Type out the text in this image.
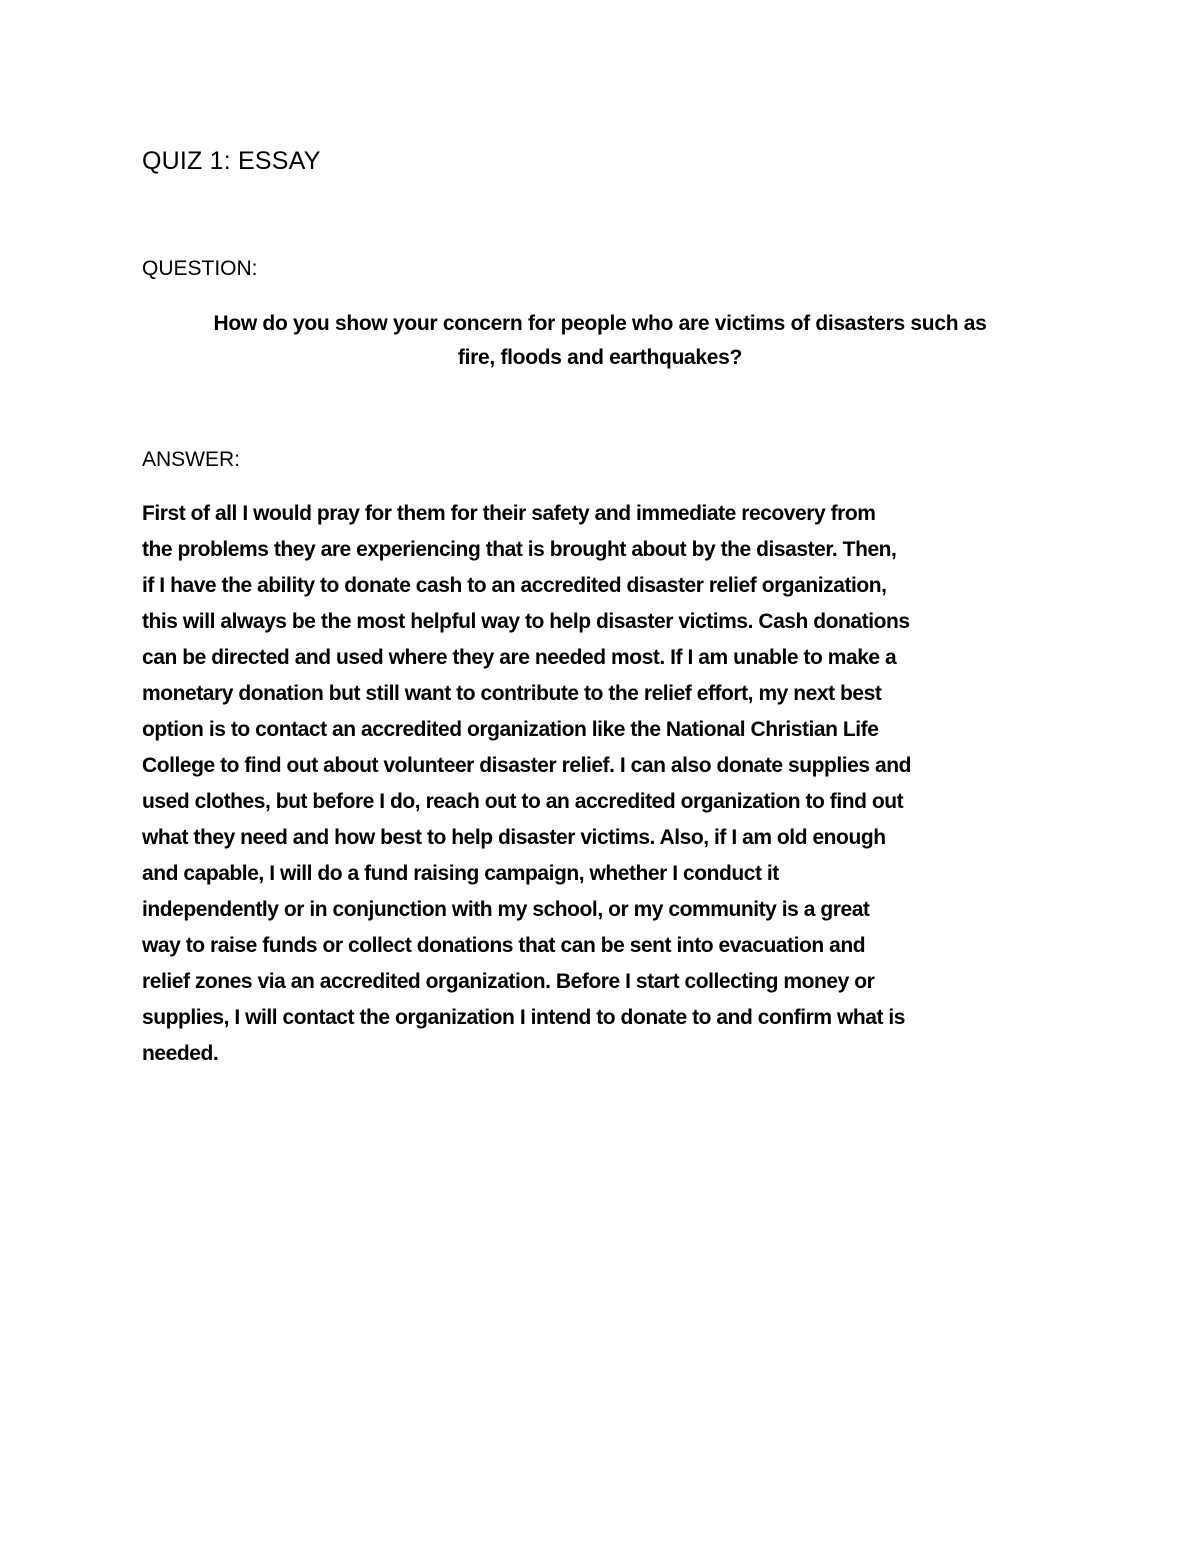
QUIZ 1: ESSAY
QUESTION:
How do you show your concern for people who are victims of disasters such as
fire, floods and earthquakes?
ANSWER:
First of all I would pray for them for their safety and immediate recovery from
the problems they are experiencing that is brought about by the disaster. Then,
if I have the ability to donate cash to an accredited disaster relief organization,
this will always be the most helpful way to help disaster victims. Cash donations
can be directed and used where they are needed most. If I am unable to make a
monetary donation but still want to contribute to the relief effort, my next best
option is to contact an accredited organization like the National Christian Life
College to find out about volunteer disaster relief. I can also donate supplies and
used clothes, but before I do, reach out to an accredited organization to find out
what they need and how best to help disaster victims. Also, if I am old enough
and capable, I will do a fund raising campaign, whether I conduct it
independently or in conjunction with my school, or my community is a great
way to raise funds or collect donations that can be sent into evacuation and
relief zones via an accredited organization. Before I start collecting money or
supplies, I will contact the organization I intend to donate to and confirm what is
needed.
